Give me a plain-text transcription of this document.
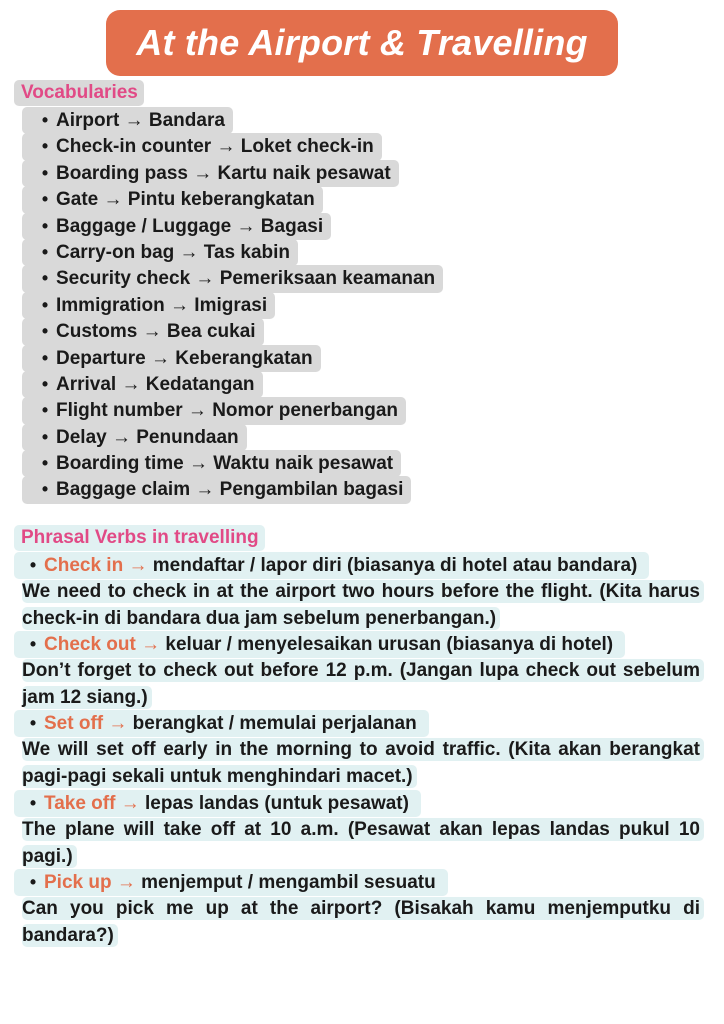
At the Airport & Travelling
Vocabularies
• Airport → Bandara
• Check-in counter → Loket check-in
• Boarding pass → Kartu naik pesawat
• Gate → Pintu keberangkatan
• Baggage / Luggage → Bagasi
• Carry-on bag → Tas kabin
• Security check → Pemeriksaan keamanan
• Immigration → Imigrasi
• Customs → Bea cukai
• Departure → Keberangkatan
• Arrival → Kedatangan
• Flight number → Nomor penerbangan
• Delay → Penundaan
• Boarding time → Waktu naik pesawat
• Baggage claim → Pengambilan bagasi
Phrasal Verbs in travelling
• Check in → mendaftar / lapor diri (biasanya di hotel atau bandara)
We need to check in at the airport two hours before the flight. (Kita harus check-in di bandara dua jam sebelum penerbangan.)
• Check out → keluar / menyelesaikan urusan (biasanya di hotel)
Don’t forget to check out before 12 p.m. (Jangan lupa check out sebelum jam 12 siang.)
• Set off → berangkat / memulai perjalanan
We will set off early in the morning to avoid traffic. (Kita akan berangkat pagi-pagi sekali untuk menghindari macet.)
• Take off → lepas landas (untuk pesawat)
The plane will take off at 10 a.m. (Pesawat akan lepas landas pukul 10 pagi.)
• Pick up → menjemput / mengambil sesuatu
Can you pick me up at the airport? (Bisakah kamu menjemputku di bandara?)
